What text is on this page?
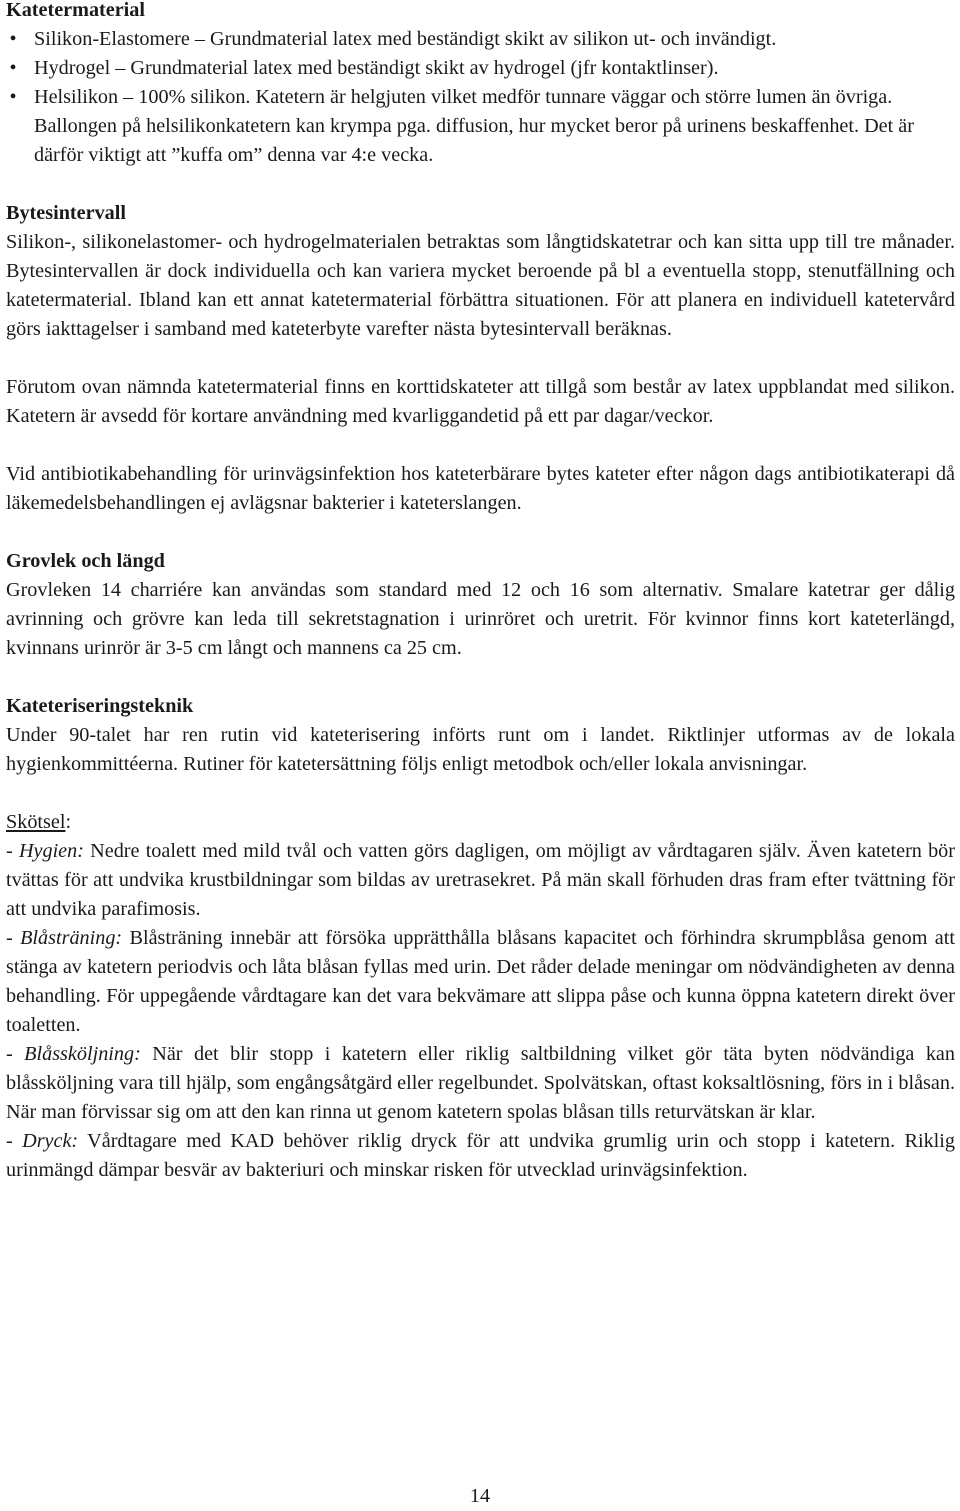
Katetermaterial
• Silikon-Elastomere – Grundmaterial latex med beständigt skikt av silikon ut- och invändigt.
• Hydrogel – Grundmaterial latex med beständigt skikt av hydrogel (jfr kontaktlinser).
• Helsilikon – 100% silikon. Katetern är helgjuten vilket medför tunnare väggar och större lumen än övriga. Ballongen på helsilikonkatetern kan krympa pga. diffusion, hur mycket beror på urinens beskaffenhet. Det är därför viktigt att ”kuffa om” denna var 4:e vecka.
Bytesintervall

Silikon-, silikonelastomer- och hydrogelmaterialen betraktas som långtidskatetrar och kan sitta upp till tre månader. Bytesintervallen är dock individuella och kan variera mycket beroende på bl a eventuella stopp, stenutfällning och katetermaterial. Ibland kan ett annat katetermaterial förbättra situationen. För att planera en individuell katetervård görs iakttagelser i samband med kateterbyte varefter nästa bytesintervall beräknas.

Förutom ovan nämnda katetermaterial finns en korttidskateter att tillgå som består av latex uppblandat med silikon. Katetern är avsedd för kortare användning med kvarliggandetid på ett par dagar/veckor.

Vid antibiotikabehandling för urinvägsinfektion hos kateterbärare bytes kateter efter någon dags antibiotikaterapi då läkemedelsbehandlingen ej avlägsnar bakterier i kateterslangen.

Grovlek och längd

Grovleken 14 charriére kan användas som standard med 12 och 16 som alternativ. Smalare katetrar ger dålig avrinning och grövre kan leda till sekretstagnation i urinröret och uretrit. För kvinnor finns kort kateterlängd, kvinnans urinrör är 3-5 cm långt och mannens ca 25 cm.

Kateteriseringsteknik

Under 90-talet har ren rutin vid kateterisering införts runt om i landet. Riktlinjer utformas av de lokala hygienkommittéerna. Rutiner för katetersättning följs enligt metodbok och/eller lokala anvisningar.

Skötsel:

- Hygien: Nedre toalett med mild tvål och vatten görs dagligen, om möjligt av vårdtagaren själv. Även katetern bör tvättas för att undvika krustbildningar som bildas av uretrasekret. På män skall förhuden dras fram efter tvättning för att undvika parafimosis.

- Blåsträning: Blåsträning innebär att försöka upprätthålla blåsans kapacitet och förhindra skrumpblåsa genom att stänga av katetern periodvis och låta blåsan fyllas med urin. Det råder delade meningar om nödvändigheten av denna behandling. För uppegående vårdtagare kan det vara bekvämare att slippa påse och kunna öppna katetern direkt över toaletten.

- Blåssköljning: När det blir stopp i katetern eller riklig saltbildning vilket gör täta byten nödvändiga kan blåssköljning vara till hjälp, som engångsåtgärd eller regelbundet. Spolvätskan, oftast koksaltlösning, förs in i blåsan. När man förvissar sig om att den kan rinna ut genom katetern spolas blåsan tills returvätskan är klar.

- Dryck: Vårdtagare med KAD behöver riklig dryck för att undvika grumlig urin och stopp i katetern. Riklig urinmängd dämpar besvär av bakteriuri och minskar risken för utvecklad urinvägsinfektion.

14
